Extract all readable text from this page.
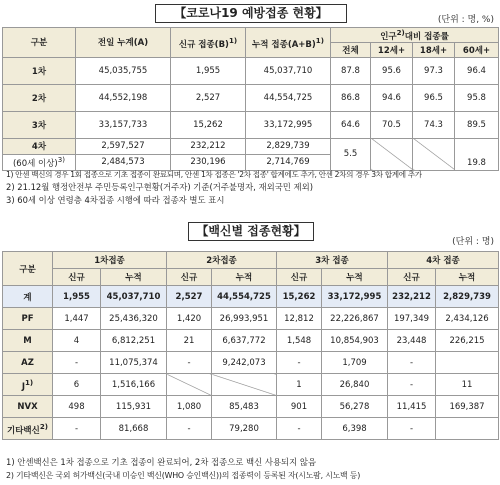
【코로나19 예방접종 현황】	(단위 : 명, %)
구분	전일 누계(A)	신규 접종$(B)^{1)}$	누적 접종$(A+B)^{1)}$	인구$^{2)}$대비 접종률			
				전체	12세+	18세+	60세+
1차	45,035,755	1,955	45,037,710	87.8	95.6	97.3	96.4
2차	44,552,198	2,527	44,554,725	86.8	94.6	96.5	95.8
3차	33,157,733	15,262	33,172,995	64.6	70.5	74.3	89.5
4차	2,597,527	232,212	2,829,739	5.5			19.8
(60세 이상)$^{3)}$	2,484,573	230,196	2,714,769				
1) 안센 백신의 경우 1회 접종으로 기초 접종이 완료되며, 안센 1차 접종은 '2차 접종' 합계에도 추가, 안센 2차의 경우 3차 합계에 추가
2) 21.12월 행정안전부 주민등록인구현황(거주자) 기준(거주불명자, 재외국민 제외)
3) 60세 이상 연령층 4차접종 시행에 따라 접종자 별도 표시
【백신별 접종현황】
(단위 : 명)
구분	1차접종		2차접종		3차 접종		4차 접종	
	신규	누적	신규	누적	신규	누적	신규	누적
계	1,955	45,037,710	2,527	44,554,725	15,262	33,172,995	232,212	2,829,739
PF	1,447	25,436,320	1,420	26,993,951	12,812	22,226,867	197,349	2,434,126
M	4	6,812,251	21	6,637,772	1,548	10,854,903	23,448	226,215
AZ	-	11,075,374	-	9,242,073	-	1,709	-	
$J^{1)}$	6	1,516,166			1	26,840	-	11
NVX	498	115,931	1,080	85,483	901	56,278	11,415	169,387
기타백신$^{2)}$	-	81,668	-	79,280	-	6,398	-	
1) 안센백신은 1차 접종으로 기초 접종이 완료되어, 2차 접종으로 백신 사용되지 않음
2) 기타백신은 국외 허가백신(국내 미승인 백신(WHO 승인백신))의 접종력이 등록된 자(시노팜, 시노백 등)
